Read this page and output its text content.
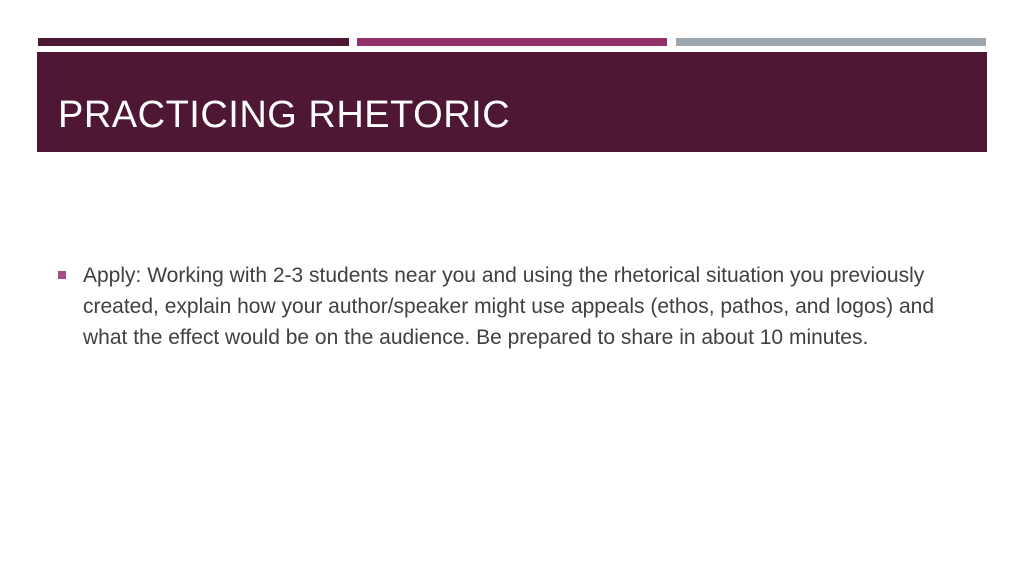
PRACTICING RHETORIC
Apply: Working with 2-3 students near you and using the rhetorical situation you previously created, explain how your author/speaker might use appeals (ethos, pathos, and logos) and what the effect would be on the audience. Be prepared to share in about 10 minutes.
